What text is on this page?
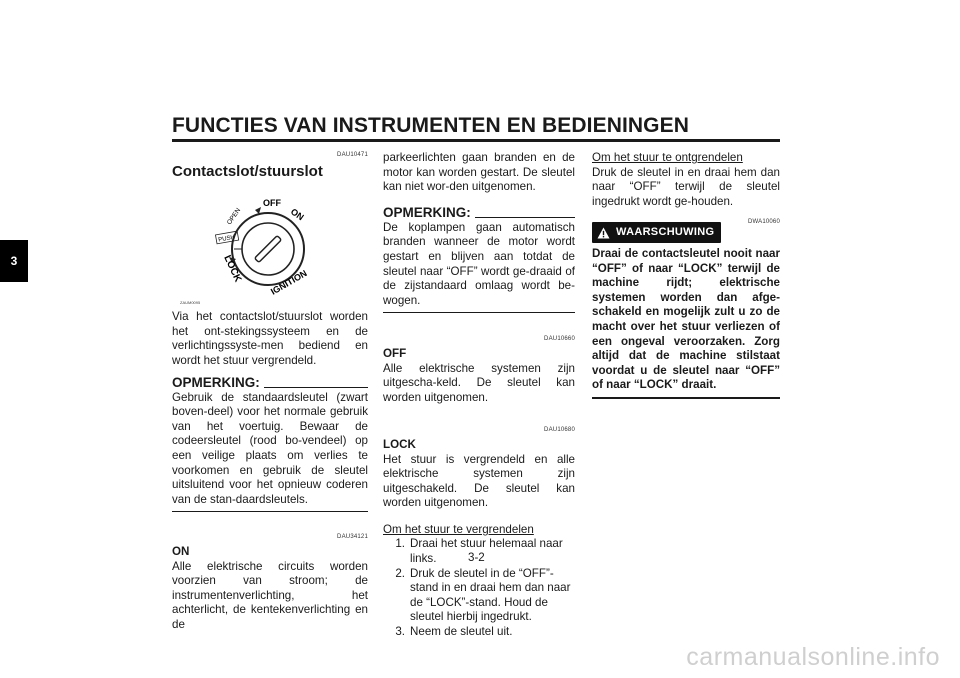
FUNCTIES VAN INSTRUMENTEN EN BEDIENINGEN
3
DAU10471
Contactslot/stuurslot
OFF
ON
OPEN
PUSH
LOCK	IGNITION
ZAUM0095

Via het contactslot/stuurslot worden het ont-stekingssysteem en de verlichtingssyste-men bediend en wordt het stuur vergrendeld.

OPMERKING:

Gebruik de standaardsleutel (zwart boven-deel) voor het normale gebruik van het voertuig. Bewaar de codeersleutel (rood bo-vendeel) op een veilige plaats om verlies te voorkomen en gebruik de sleutel uitsluitend voor het opnieuw coderen van de stan-daardsleutels.

DAU34121
ON

Alle elektrische circuits worden voorzien van stroom; de instrumentenverlichting, het achterlicht, de kentekenverlichting en de

parkeerlichten gaan branden en de motor kan worden gestart. De sleutel kan niet wor-den uitgenomen.

OPMERKING:

De koplampen gaan automatisch branden wanneer de motor wordt gestart en blijven aan totdat de sleutel naar “OFF” wordt ge-draaid of de zijstandaard omlaag wordt be-wogen.

DAU10660
OFF

Alle elektrische systemen zijn uitgescha-keld. De sleutel kan worden uitgenomen.

DAU10680
LOCK

Het stuur is vergrendeld en alle elektrische systemen zijn uitgeschakeld. De sleutel kan worden uitgenomen.

Om het stuur te vergrendelen

1. Draai het stuur helemaal naar links.
2. Druk de sleutel in de “OFF”-stand in en draai hem dan naar de “LOCK”-stand. Houd de sleutel hierbij ingedrukt.
3. Neem de sleutel uit.

Om het stuur te ontgrendelen

Druk de sleutel in en draai hem dan naar “OFF” terwijl de sleutel ingedrukt wordt ge-houden.

WAARSCHUWING
DWA10060

Draai de contactsleutel nooit naar “OFF” of naar “LOCK” terwijl de machine rijdt; elektrische systemen worden dan afge-schakeld en mogelijk zult u zo de macht over het stuur verliezen of een ongeval veroorzaken. Zorg altijd dat de machine stilstaat voordat u de sleutel naar “OFF” of naar “LOCK” draait.

3-2
carmanualsonline.info
